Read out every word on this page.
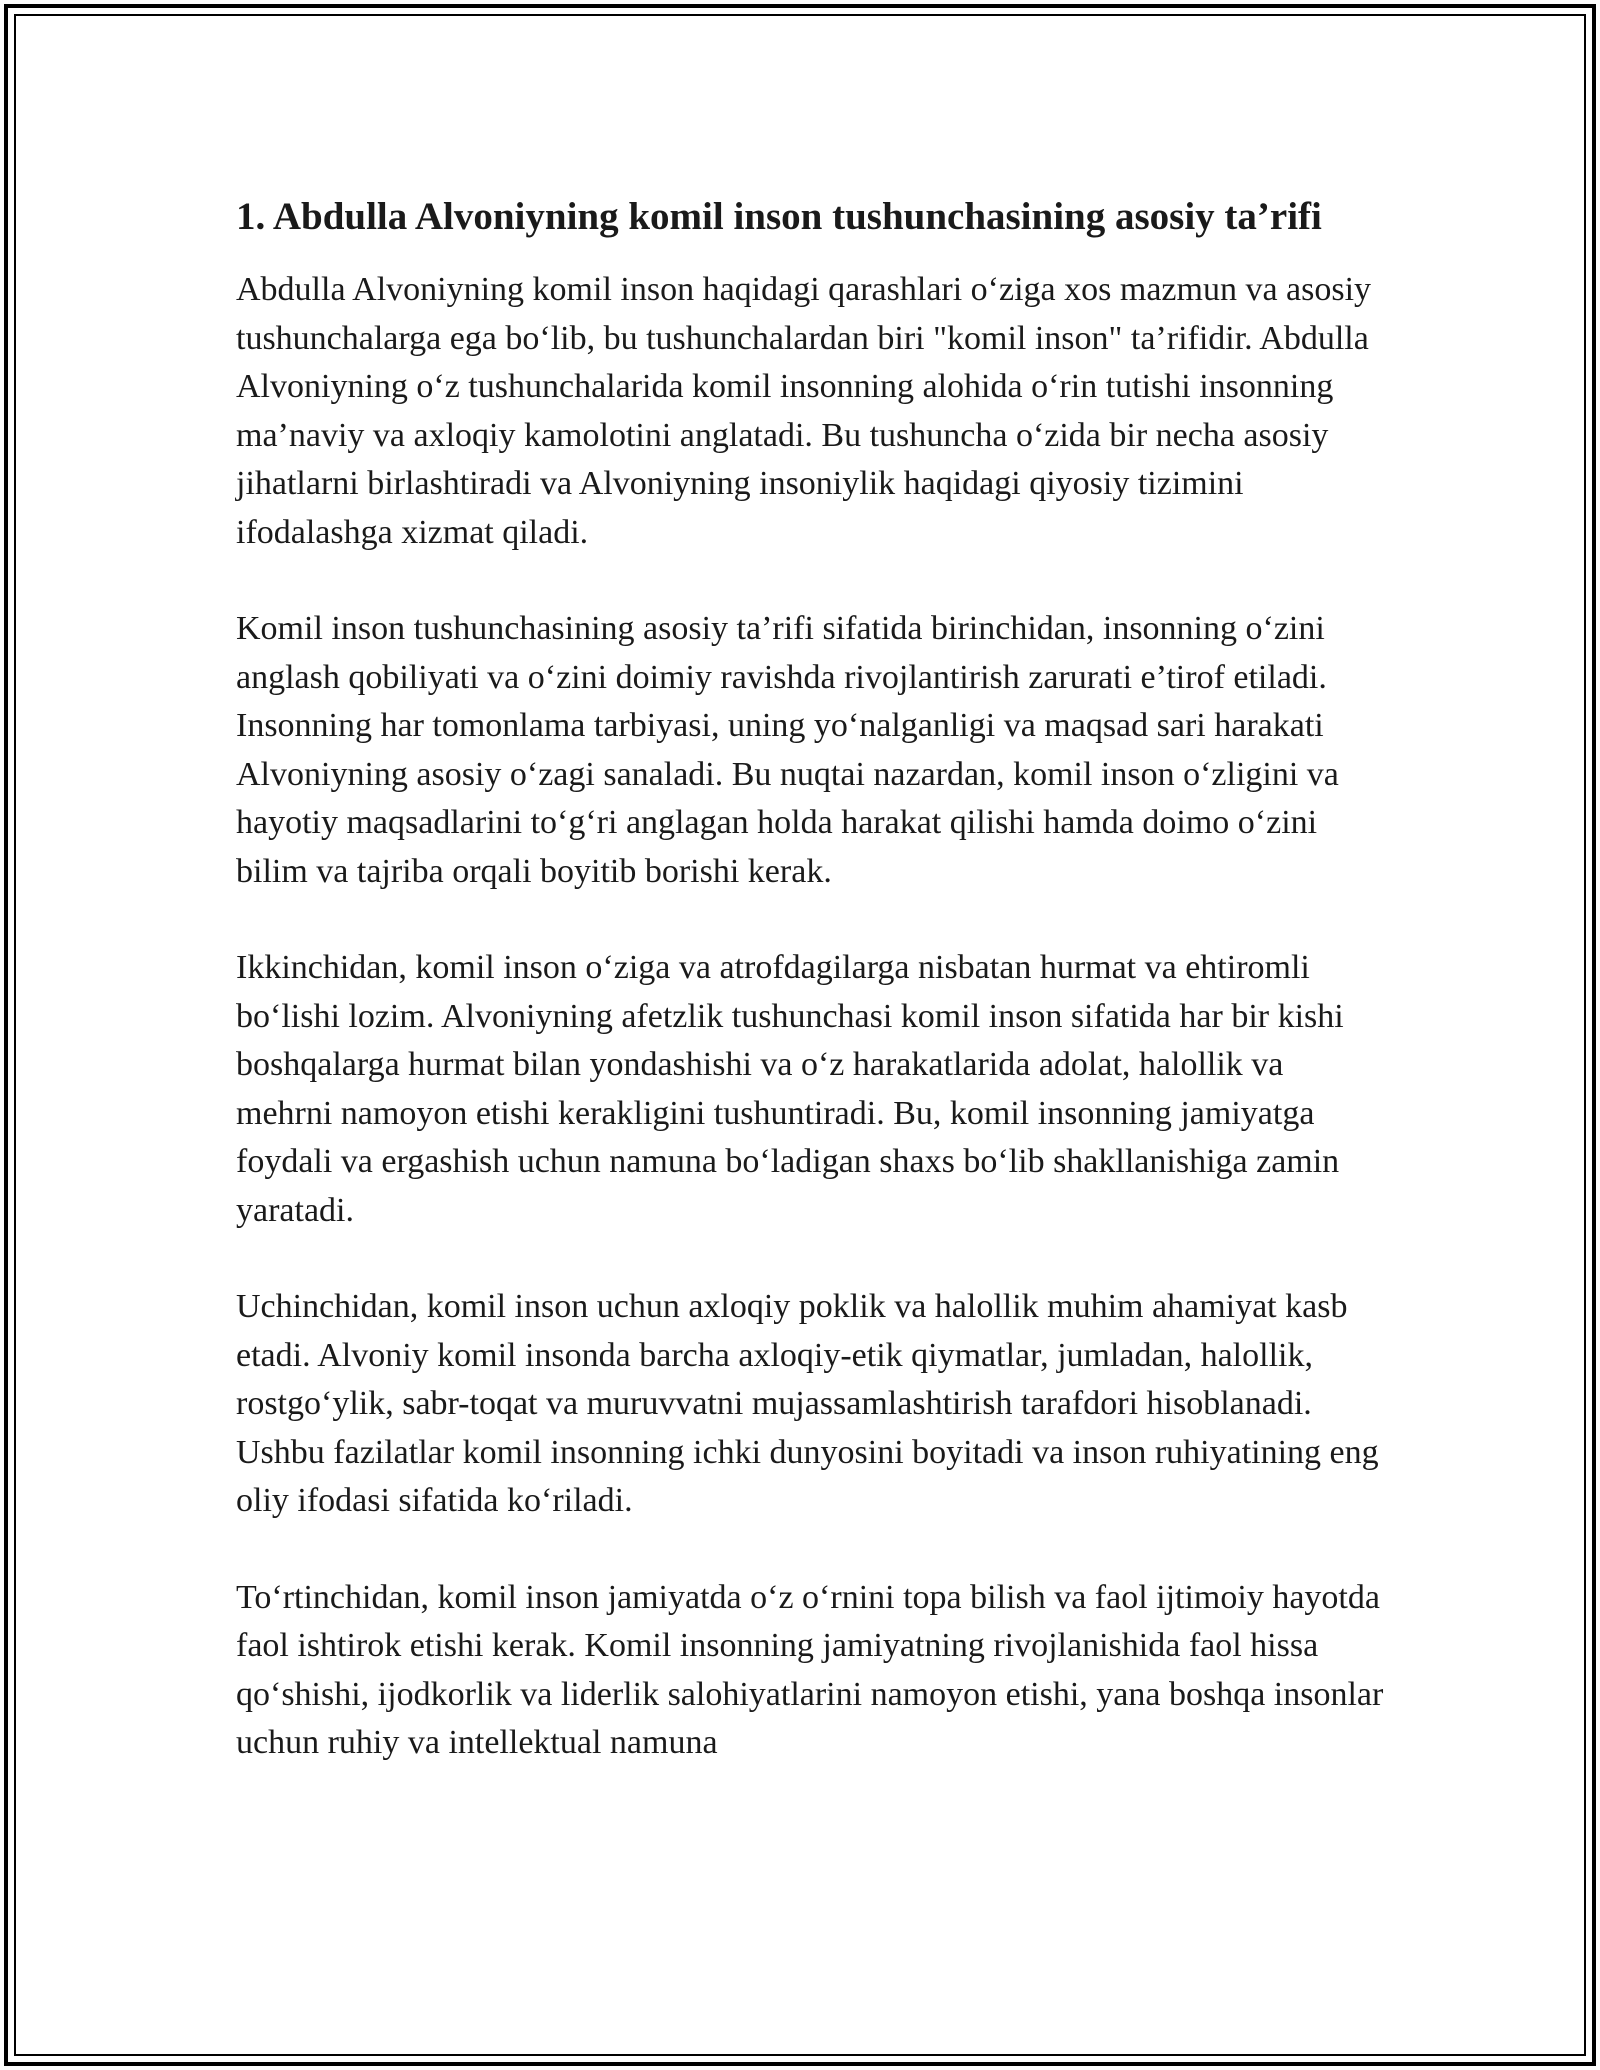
1. Abdulla Alvoniyning komil inson tushunchasining asosiy ta’rifi

Abdulla Alvoniyning komil inson haqidagi qarashlari o‘ziga xos mazmun va asosiy tushunchalarga ega bo‘lib, bu tushunchalardan biri "komil inson" ta’rifidir. Abdulla Alvoniyning o‘z tushunchalarida komil insonning alohida o‘rin tutishi insonning ma’naviy va axloqiy kamolotini anglatadi. Bu tushuncha o‘zida bir necha asosiy jihatlarni birlashtiradi va Alvoniyning insoniylik haqidagi qiyosiy tizimini ifodalashga xizmat qiladi.

Komil inson tushunchasining asosiy ta’rifi sifatida birinchidan, insonning o‘zini anglash qobiliyati va o‘zini doimiy ravishda rivojlantirish zarurati e’tirof etiladi. Insonning har tomonlama tarbiyasi, uning yo‘nalganligi va maqsad sari harakati Alvoniyning asosiy o‘zagi sanaladi. Bu nuqtai nazardan, komil inson o‘zligini va hayotiy maqsadlarini to‘g‘ri anglagan holda harakat qilishi hamda doimo o‘zini bilim va tajriba orqali boyitib borishi kerak.

Ikkinchidan, komil inson o‘ziga va atrofdagilarga nisbatan hurmat va ehtiromli bo‘lishi lozim. Alvoniyning afetzlik tushunchasi komil inson sifatida har bir kishi boshqalarga hurmat bilan yondashishi va o‘z harakatlarida adolat, halollik va mehrni namoyon etishi kerakligini tushuntiradi. Bu, komil insonning jamiyatga foydali va ergashish uchun namuna bo‘ladigan shaxs bo‘lib shakllanishiga zamin yaratadi.

Uchinchidan, komil inson uchun axloqiy poklik va halollik muhim ahamiyat kasb etadi. Alvoniy komil insonda barcha axloqiy-etik qiymatlar, jumladan, halollik, rostgo‘ylik, sabr-toqat va muruvvatni mujassamlashtirish tarafdori hisoblanadi. Ushbu fazilatlar komil insonning ichki dunyosini boyitadi va inson ruhiyatining eng oliy ifodasi sifatida ko‘riladi.

To‘rtinchidan, komil inson jamiyatda o‘z o‘rnini topa bilish va faol ijtimoiy hayotda faol ishtirok etishi kerak. Komil insonning jamiyatning rivojlanishida faol hissa qo‘shishi, ijodkorlik va liderlik salohiyatlarini namoyon etishi, yana boshqa insonlar uchun ruhiy va intellektual namuna
